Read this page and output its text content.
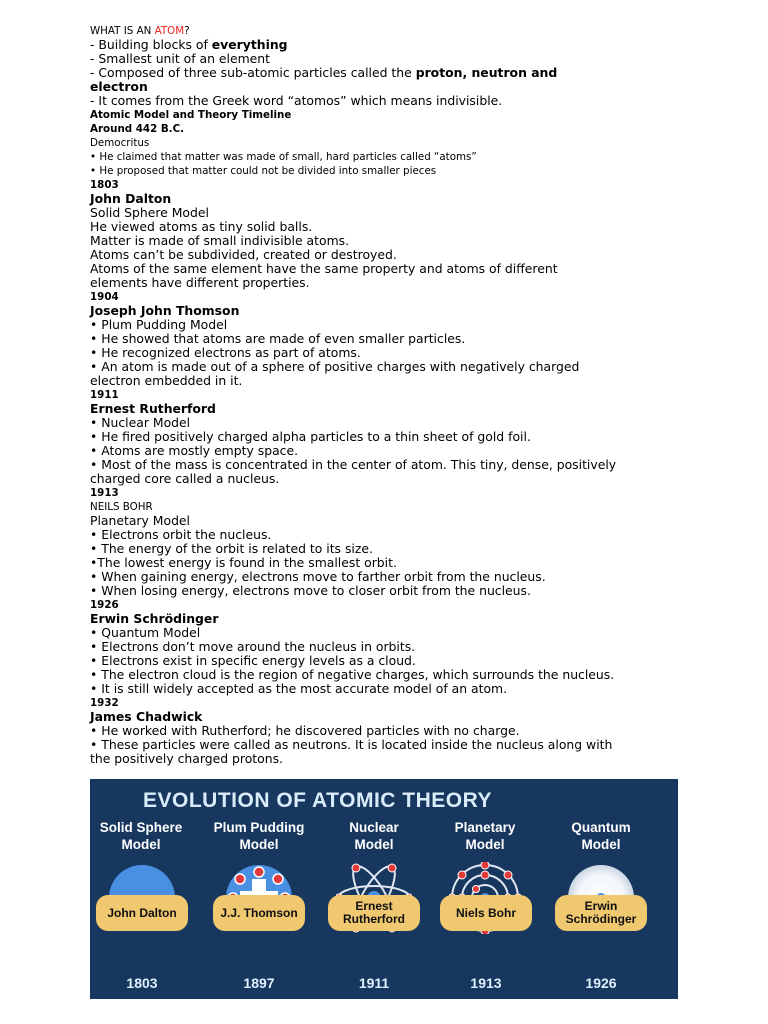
WHAT IS AN ATOM?

- Building blocks of everything

- Smallest unit of an element

- Composed of three sub-atomic particles called the proton, neutron and

electron

- It comes from the Greek word “atomos” which means indivisible.

Atomic Model and Theory Timeline

Around 442 B.C.

Democritus

• He claimed that matter was made of small, hard particles called “atoms”

• He proposed that matter could not be divided into smaller pieces

1803

John Dalton

Solid Sphere Model

He viewed atoms as tiny solid balls.

Matter is made of small indivisible atoms.

Atoms can’t be subdivided, created or destroyed.

Atoms of the same element have the same property and atoms of different

elements have different properties.

1904

Joseph John Thomson

• Plum Pudding Model

• He showed that atoms are made of even smaller particles.

• He recognized electrons as part of atoms.

• An atom is made out of a sphere of positive charges with negatively charged

electron embedded in it.

1911

Ernest Rutherford

• Nuclear Model

• He fired positively charged alpha particles to a thin sheet of gold foil.

• Atoms are mostly empty space.

• Most of the mass is concentrated in the center of atom. This tiny, dense, positively

charged core called a nucleus.

1913

NEILS BOHR

Planetary Model

• Electrons orbit the nucleus.

• The energy of the orbit is related to its size.

•The lowest energy is found in the smallest orbit.

• When gaining energy, electrons move to farther orbit from the nucleus.

• When losing energy, electrons move to closer orbit from the nucleus.

1926

Erwin Schrödinger

• Quantum Model

• Electrons don’t move around the nucleus in orbits.

• Electrons exist in specific energy levels as a cloud.

• The electron cloud is the region of negative charges, which surrounds the nucleus.

• It is still widely accepted as the most accurate model of an atom.

1932

James Chadwick

• He worked with Rutherford; he discovered particles with no charge.

• These particles were called as neutrons. It is located inside the nucleus along with

the positively charged protons.

EVOLUTION OF ATOMIC THEORY
Solid Sphere
Model
John Dalton
1803
Plum Pudding
Model
J.J. Thomson
1897
Nuclear
Model
Ernest
Rutherford
1911
Planetary
Model
Niels Bohr
1913
Quantum
Model
Erwin
Schrödinger
1926
